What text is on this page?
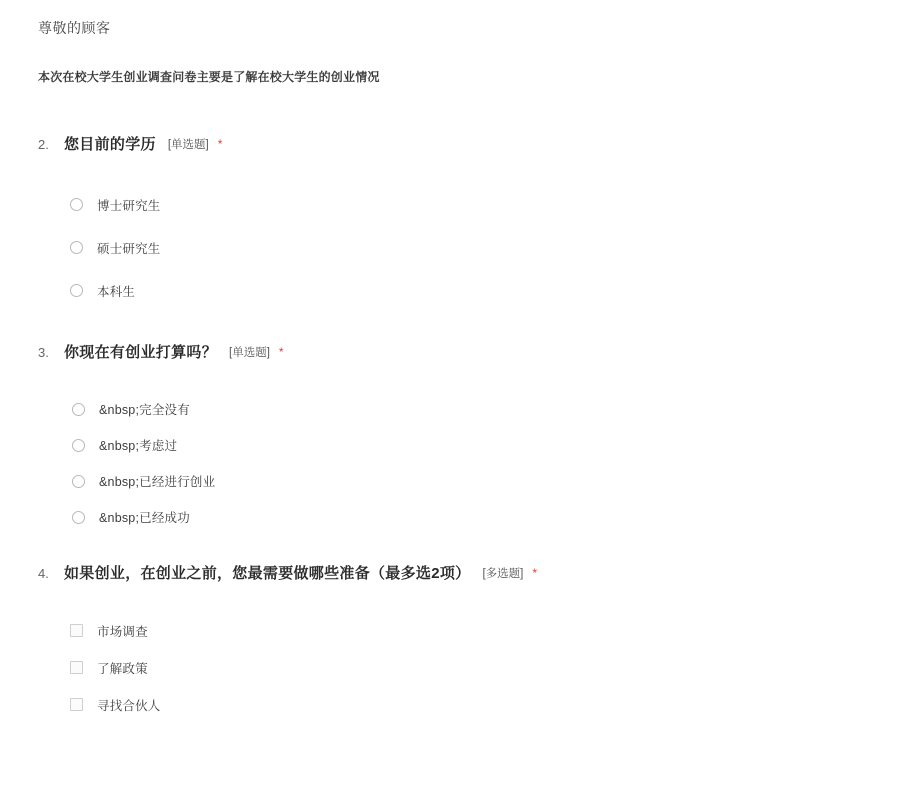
尊敬的顾客

本次在校大学生创业调查问卷主要是了解在校大学生的创业情况

2.	您目前的学历 [单选题] *
博士研究生
硕士研究生
本科生
3.	你现在有创业打算吗？ [单选题] *
&nbsp;完全没有
&nbsp;考虑过
&nbsp;已经进行创业
&nbsp;已经成功
4.	如果创业，在创业之前，您最需要做哪些准备（最多选2项） [多选题] *
市场调查
了解政策
寻找合伙人
